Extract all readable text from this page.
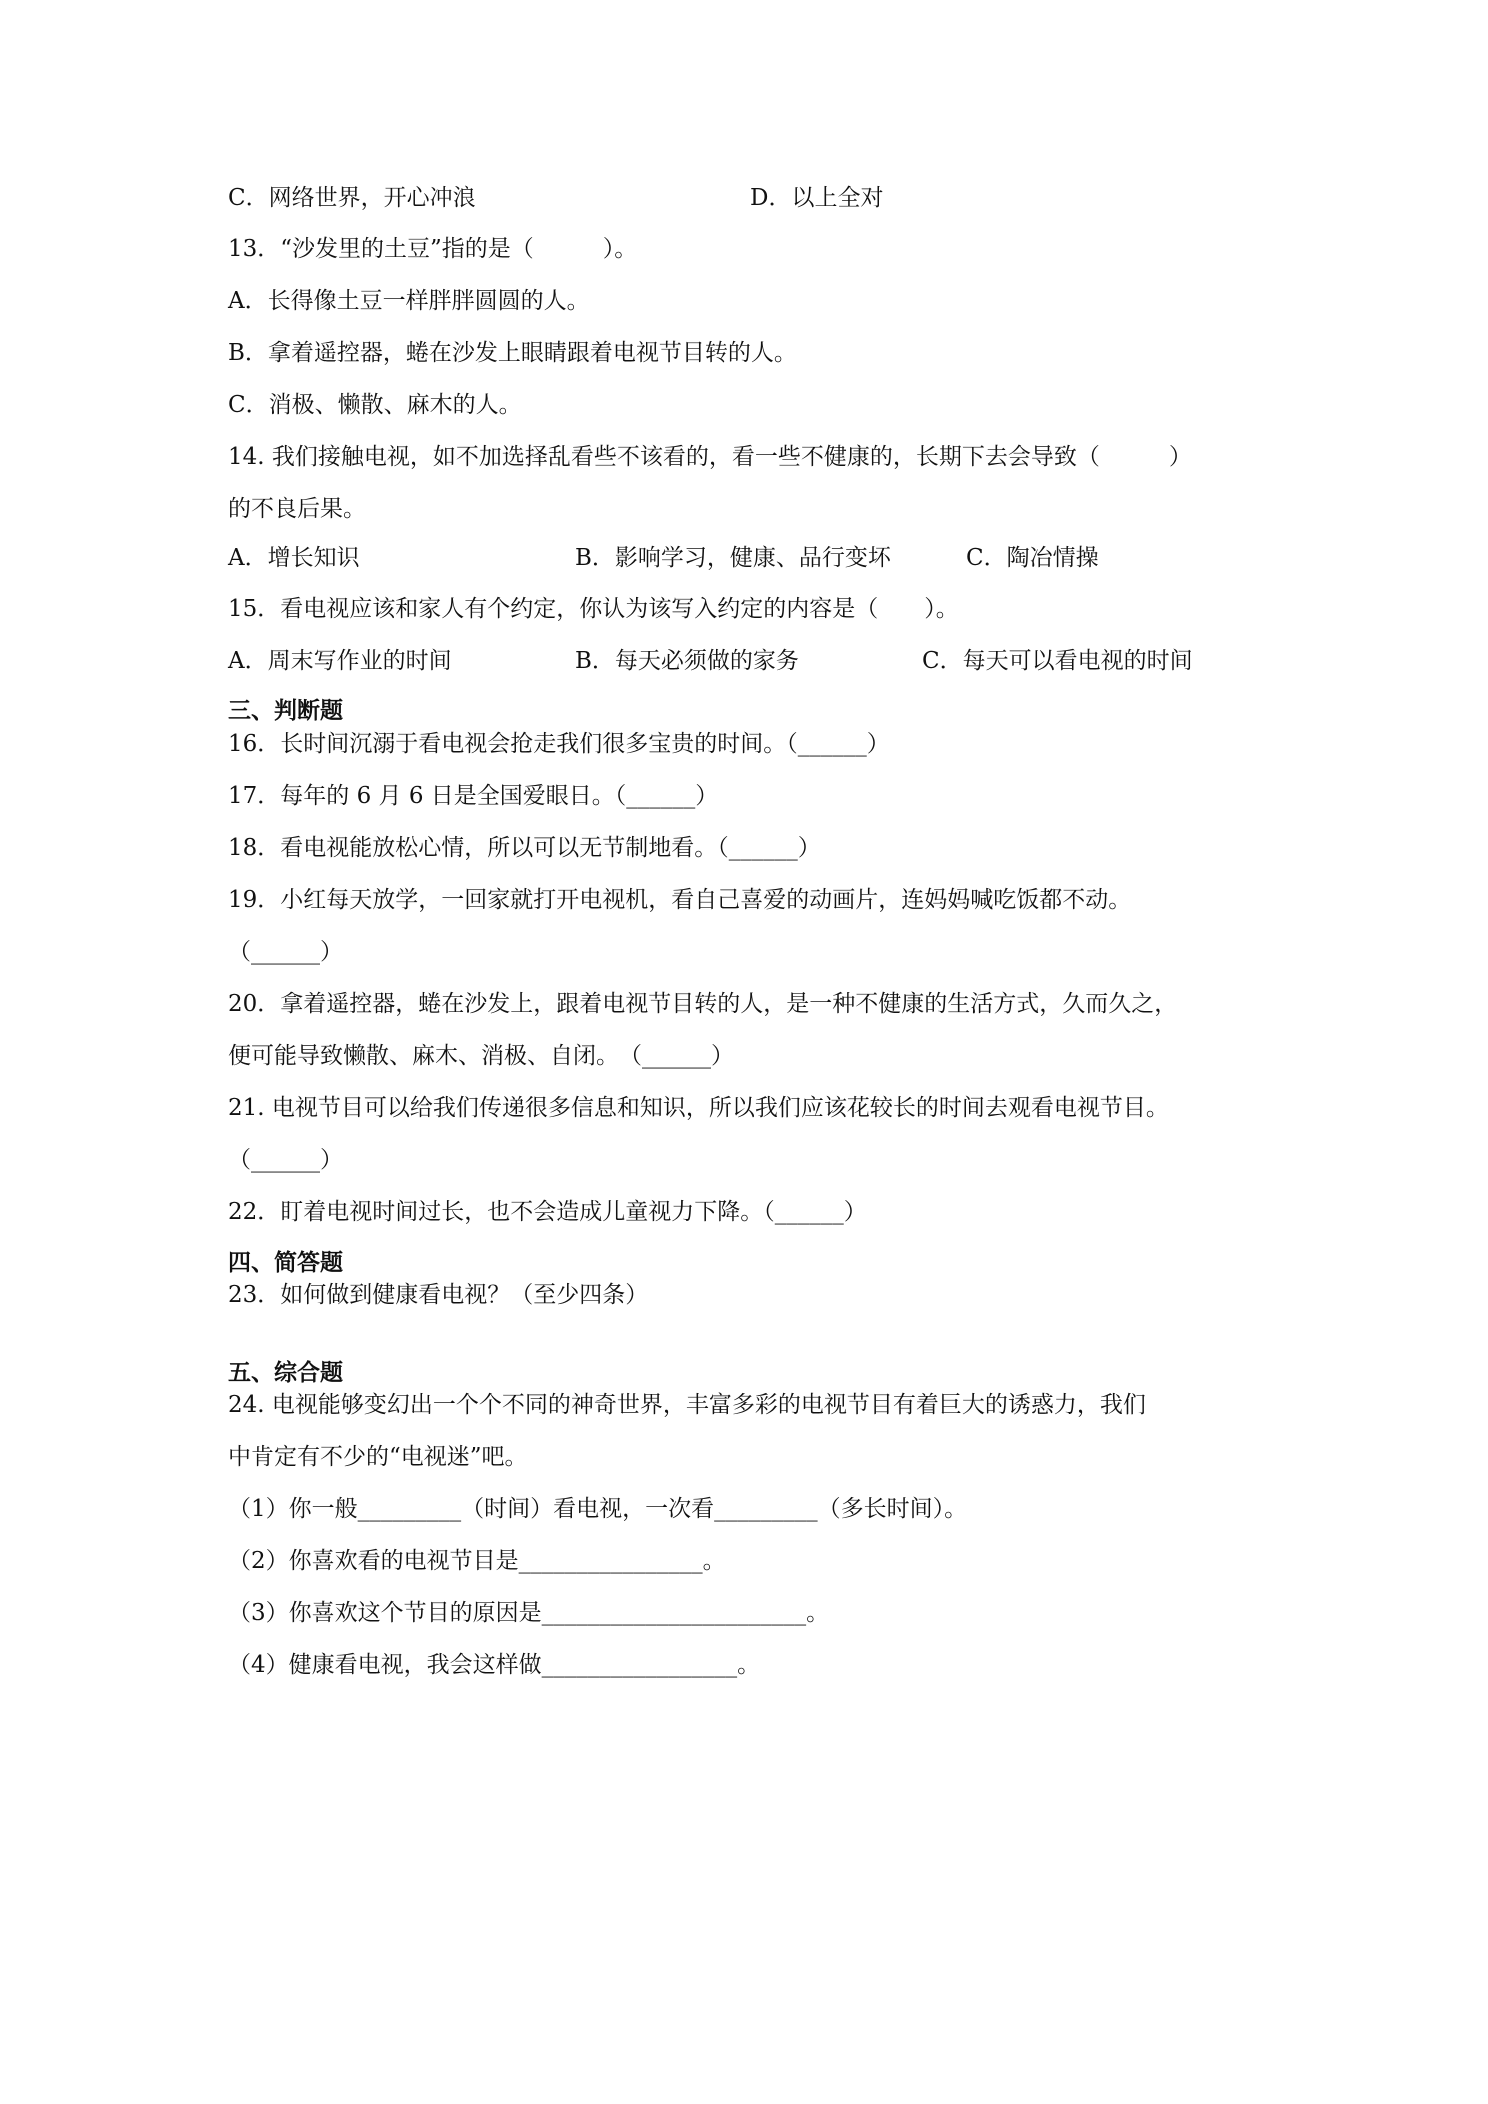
C．网络世界，开心冲浪	D．以上全对
13．“沙发里的土豆”指的是（　　　）。
A．长得像土豆一样胖胖圆圆的人。
B．拿着遥控器，蜷在沙发上眼睛跟着电视节目转的人。
C．消极、懒散、麻木的人。
14. 我们接触电视，如不加选择乱看些不该看的，看一些不健康的，长期下去会导致（　　　）
的不良后果。
A．增长知识	B．影响学习，健康、品行变坏	C．陶冶情操
15．看电视应该和家人有个约定，你认为该写入约定的内容是（　　）。
A．周末写作业的时间	B．每天必须做的家务	C．每天可以看电视的时间
三、判断题
16．长时间沉溺于看电视会抢走我们很多宝贵的时间。（______）
17．每年的 6 月 6 日是全国爱眼日。（______）
18．看电视能放松心情，所以可以无节制地看。（______）
19．小红每天放学，一回家就打开电视机，看自己喜爱的动画片，连妈妈喊吃饭都不动。
（______）
20．拿着遥控器，蜷在沙发上，跟着电视节目转的人，是一种不健康的生活方式，久而久之，
便可能导致懒散、麻木、消极、自闭。　（______）
21. 电视节目可以给我们传递很多信息和知识，所以我们应该花较长的时间去观看电视节目。
（______）
22．盯着电视时间过长，也不会造成儿童视力下降。（______）
四、简答题
23．如何做到健康看电视？（至少四条）
五、综合题
24. 电视能够变幻出一个个不同的神奇世界，丰富多彩的电视节目有着巨大的诱惑力，我们
中肯定有不少的“电视迷”吧。
（1）你一般_________（时间）看电视，一次看_________（多长时间）。
（2）你喜欢看的电视节目是________________。
（3）你喜欢这个节目的原因是_______________________。
（4）健康看电视，我会这样做_________________。
